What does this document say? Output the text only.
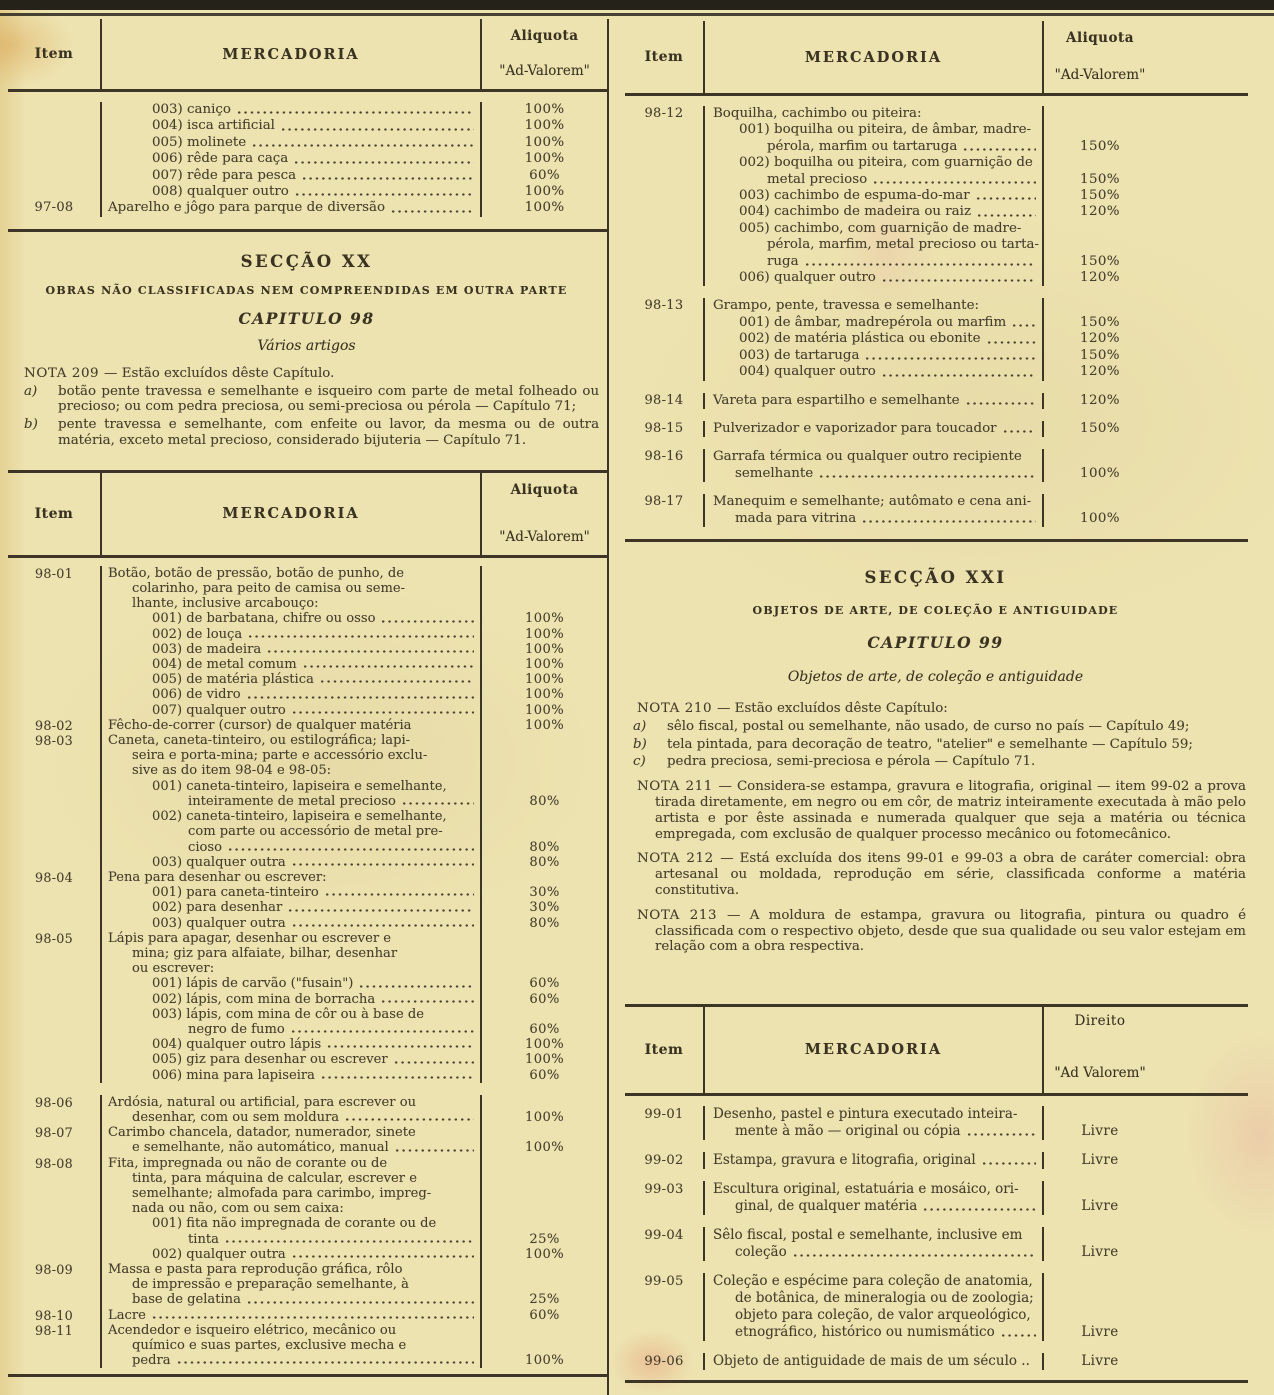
Item	MERCADORIA
Aliquota
"Ad-Valorem"
003) caniço	100%
004) isca artificial	100%
005) molinete	100%
006) rêde para caça	100%
007) rêde para pesca	60%
008) qualquer outro	100%
97-08	Aparelho e jôgo para parque de diversão	100%
SECÇÃO XX
OBRAS NÃO CLASSIFICADAS NEM COMPREENDIDAS EM OUTRA PARTE
CAPITULO 98
Vários artigos

NOTA 209 — Estão excluídos dêste Capítulo.

a)	botão pente travessa e semelhante e isqueiro com parte de metal folheado ou precioso; ou com pedra preciosa, ou semi-preciosa ou pérola — Capítulo 71;
b)	pente travessa e semelhante, com enfeite ou lavor, da mesma ou de outra matéria, exceto metal precioso, considerado bijuteria — Capítulo 71.
Item	MERCADORIA
Aliquota
"Ad-Valorem"
98-01	Botão, botão de pressão, botão de punho, de
colarinho, para peito de camisa ou seme-
lhante, inclusive arcabouço:
001) de barbatana, chifre ou osso	100%
002) de louça	100%
003) de madeira	100%
004) de metal comum	100%
005) de matéria plástica	100%
006) de vidro	100%
007) qualquer outro	100%
98-02	Fêcho-de-correr (cursor) de qualquer matéria	100%
98-03	Caneta, caneta-tinteiro, ou estilográfica; lapi-
seira e porta-mina; parte e accessório exclu-
sive as do item 98-04 e 98-05:
001) caneta-tinteiro, lapiseira e semelhante,
inteiramente de metal precioso	80%
002) caneta-tinteiro, lapiseira e semelhante,
com parte ou accessório de metal pre-
cioso	80%
003) qualquer outra	80%
98-04	Pena para desenhar ou escrever:
001) para caneta-tinteiro	30%
002) para desenhar	30%
003) qualquer outra	80%
98-05	Lápis para apagar, desenhar ou escrever e
mina; giz para alfaiate, bilhar, desenhar
ou escrever:
001) lápis de carvão ("fusain")	60%
002) lápis, com mina de borracha	60%
003) lápis, com mina de côr ou à base de
negro de fumo	60%
004) qualquer outro lápis	100%
005) giz para desenhar ou escrever	100%
006) mina para lapiseira	60%
98-06	Ardósia, natural ou artificial, para escrever ou
desenhar, com ou sem moldura	100%
98-07	Carimbo chancela, datador, numerador, sinete
e semelhante, não automático, manual	100%
98-08	Fita, impregnada ou não de corante ou de
tinta, para máquina de calcular, escrever e
semelhante; almofada para carimbo, impreg-
nada ou não, com ou sem caixa:
001) fita não impregnada de corante ou de
tinta	25%
002) qualquer outra	100%
98-09	Massa e pasta para reprodução gráfica, rôlo
de impressão e preparação semelhante, à
base de gelatina	25%
98-10	Lacre	60%
98-11	Acendedor e isqueiro elétrico, mecânico ou
químico e suas partes, exclusive mecha e
pedra	100%
Item	MERCADORIA
Aliquota
"Ad-Valorem"
98-12	Boquilha, cachimbo ou piteira:
001) boquilha ou piteira, de âmbar, madre-
pérola, marfim ou tartaruga	150%
002) boquilha ou piteira, com guarnição de
metal precioso	150%
003) cachimbo de espuma-do-mar	150%
004) cachimbo de madeira ou raiz	120%
005) cachimbo, com guarnição de madre-
pérola, marfim, metal precioso ou tarta-
ruga	150%
006) qualquer outro	120%
98-13	Grampo, pente, travessa e semelhante:
001) de âmbar, madrepérola ou marfim	150%
002) de matéria plástica ou ebonite	120%
003) de tartaruga	150%
004) qualquer outro	120%
98-14	Vareta para espartilho e semelhante	120%
98-15	Pulverizador e vaporizador para toucador	150%
98-16	Garrafa térmica ou qualquer outro recipiente
semelhante	100%
98-17	Manequim e semelhante; autômato e cena ani-
mada para vitrina	100%
SECÇÃO XXI
OBJETOS DE ARTE, DE COLEÇÃO E ANTIGUIDADE
CAPITULO 99
Objetos de arte, de coleção e antiguidade

NOTA 210 — Estão excluídos dêste Capítulo:

a)	sêlo fiscal, postal ou semelhante, não usado, de curso no país — Capítulo 49;
b)	tela pintada, para decoração de teatro, "atelier" e semelhante — Capítulo 59;
c)	pedra preciosa, semi-preciosa e pérola — Capítulo 71.

NOTA 211 — Considera-se estampa, gravura e litografia, original — item 99-02 a prova tirada diretamente, em negro ou em côr, de matriz inteiramente executada à mão pelo artista e por êste assinada e numerada qualquer que seja a matéria ou técnica empregada, com exclusão de qualquer processo mecânico ou fotomecânico.

NOTA 212 — Está excluída dos itens 99-01 e 99-03 a obra de caráter comercial: obra artesanal ou moldada, reprodução em série, classificada conforme a matéria constitutiva.

NOTA 213 — A moldura de estampa, gravura ou litografia, pintura ou quadro é classificada com o respectivo objeto, desde que sua qualidade ou seu valor estejam em relação com a obra respectiva.

Item	MERCADORIA
Direito
"Ad Valorem"
99-01	Desenho, pastel e pintura executado inteira-
mente à mão — original ou cópia	Livre
99-02	Estampa, gravura e litografia, original	Livre
99-03	Escultura original, estatuária e mosáico, ori-
ginal, de qualquer matéria	Livre
99-04	Sêlo fiscal, postal e semelhante, inclusive em
coleção	Livre
99-05	Coleção e espécime para coleção de anatomia,
de botânica, de mineralogia ou de zoologia;
objeto para coleção, de valor arqueológico,
etnográfico, histórico ou numismático	Livre
99-06	Objeto de antiguidade de mais de um século ..	Livre
